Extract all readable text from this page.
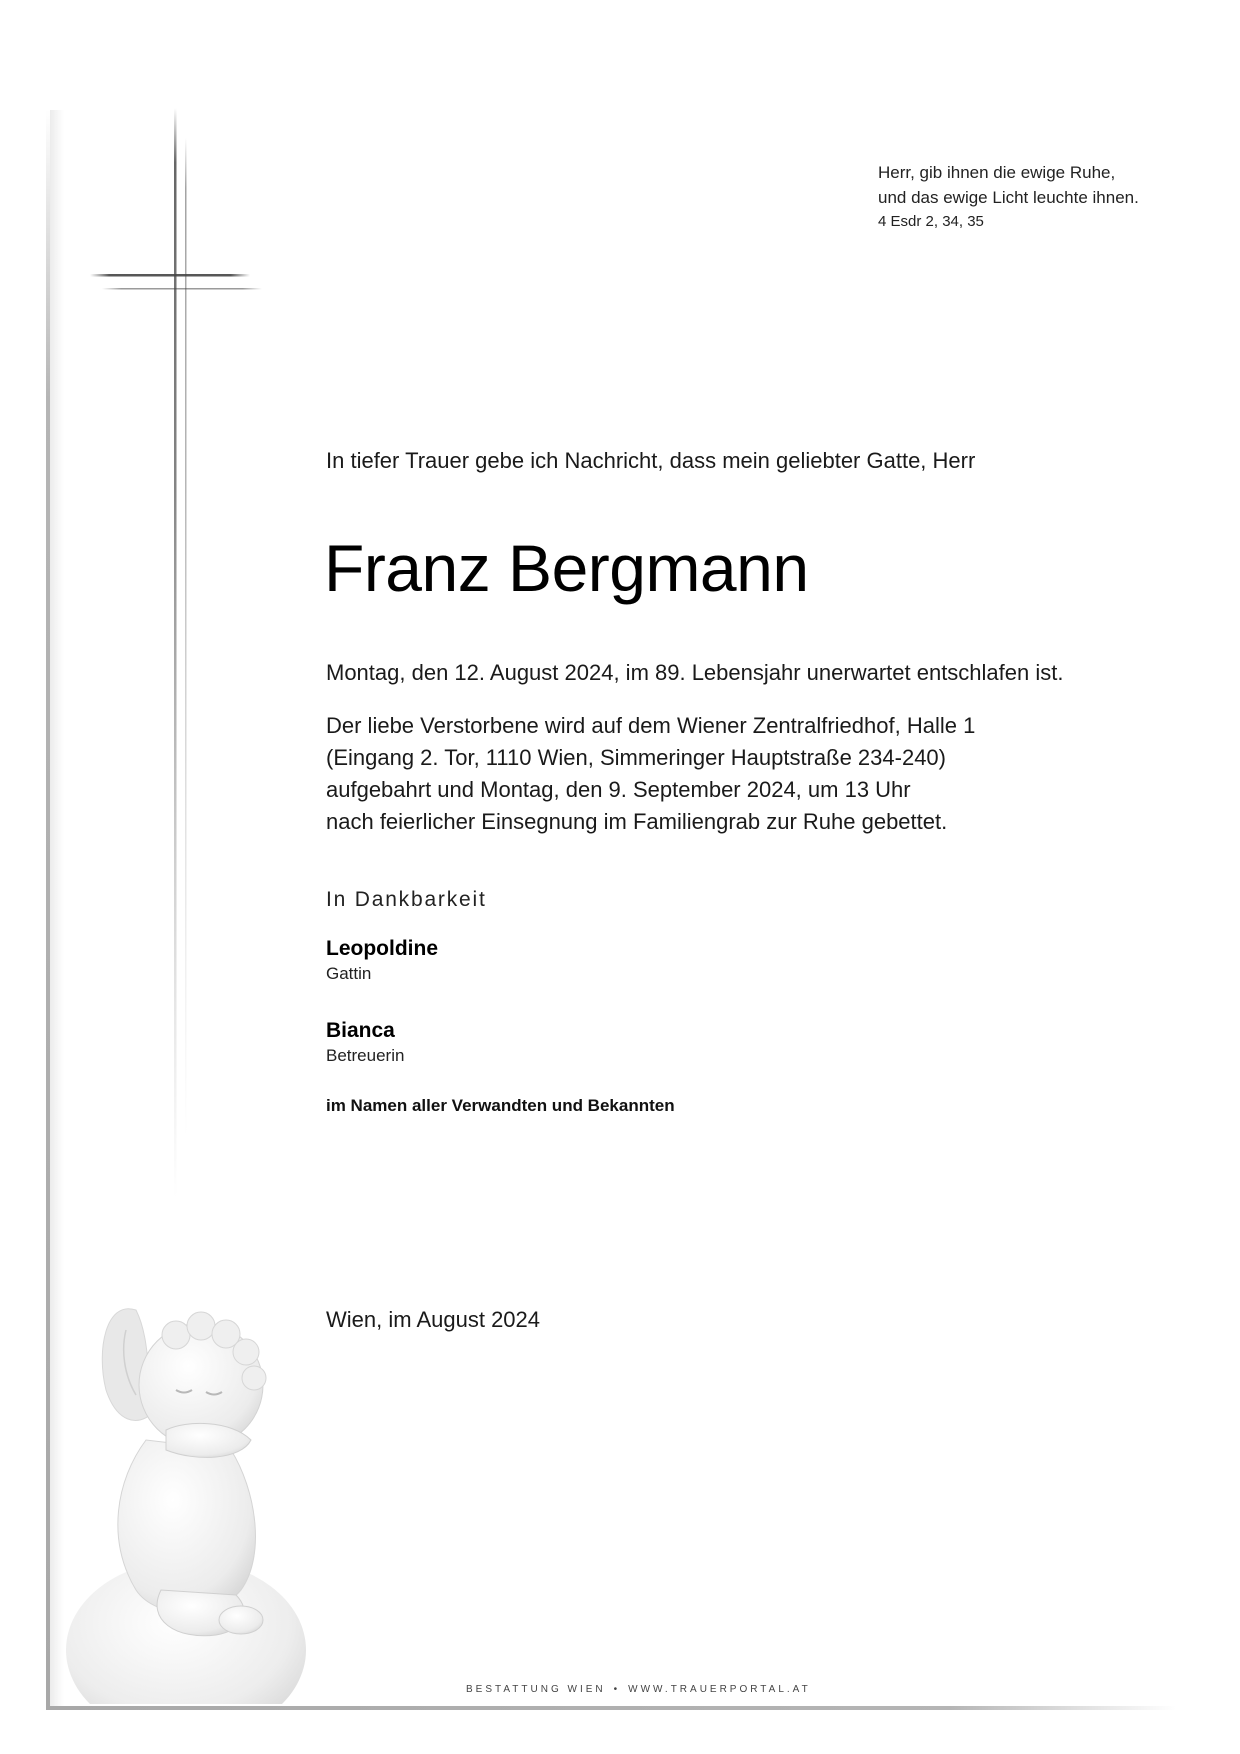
Herr, gib ihnen die ewige Ruhe,
und das ewige Licht leuchte ihnen.
4 Esdr 2, 34, 35
In tiefer Trauer gebe ich Nachricht, dass mein geliebter Gatte, Herr
Franz Bergmann
Montag, den 12. August 2024, im 89. Lebensjahr unerwartet entschlafen ist.
Der liebe Verstorbene wird auf dem Wiener Zentralfriedhof, Halle 1
(Eingang 2. Tor, 1110 Wien, Simmeringer Hauptstraße 234-240)
aufgebahrt und Montag, den 9. September 2024, um 13 Uhr
nach feierlicher Einsegnung im Familiengrab zur Ruhe gebettet.
In Dankbarkeit
Leopoldine
Gattin
Bianca
Betreuerin
im Namen aller Verwandten und Bekannten
Wien, im August 2024
BESTATTUNG WIEN • WWW.TRAUERPORTAL.AT
